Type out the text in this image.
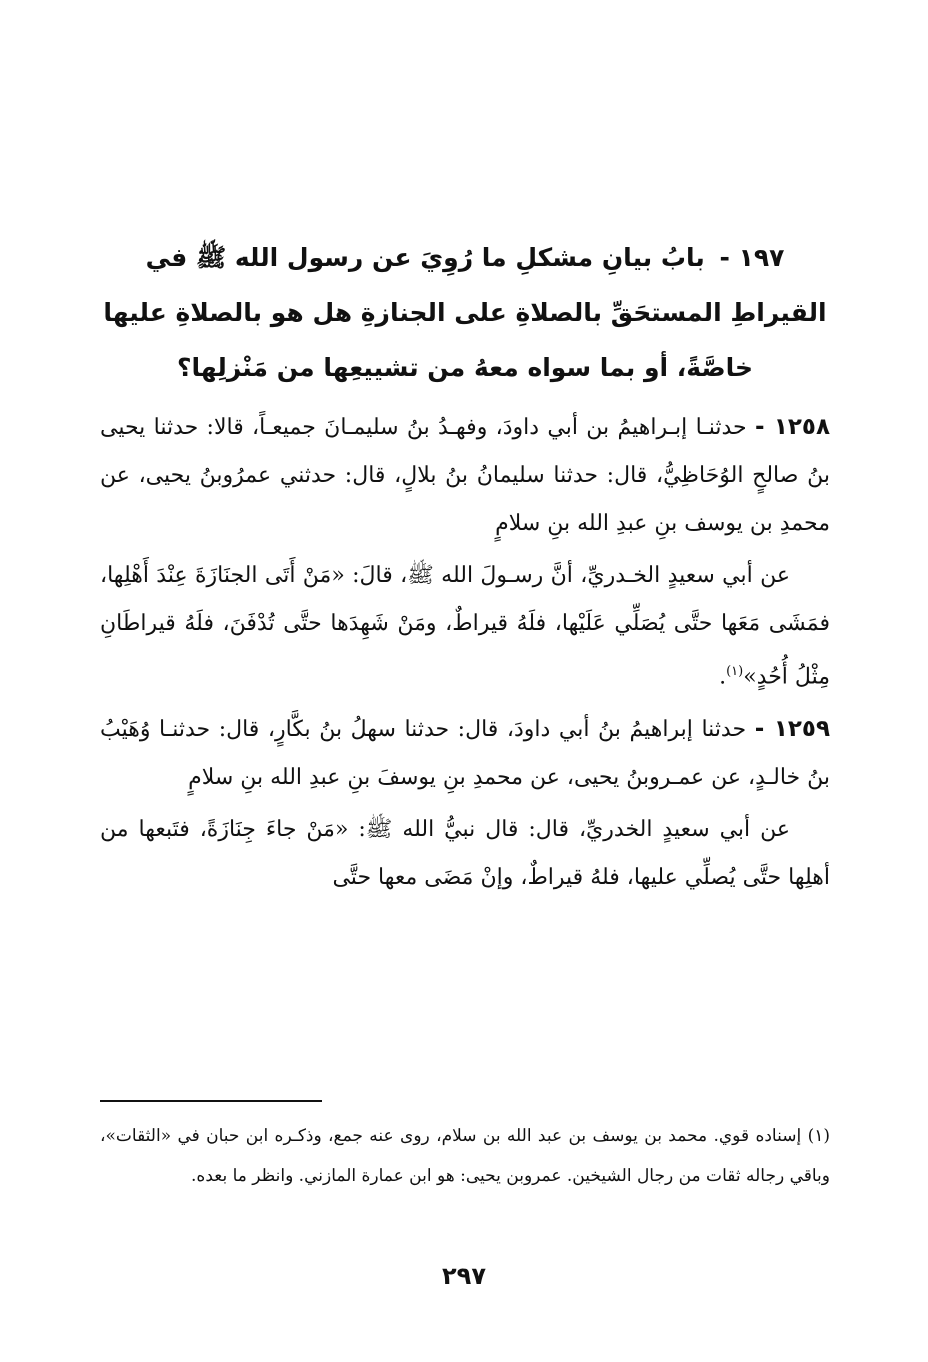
١٩٧ - بابُ بيانِ مشكلِ ما رُوِيَ عن رسول الله ﷺ في القيراطِ المستحَقِّ بالصلاةِ على الجنازةِ هل هو بالصلاةِ عليها خاصَّةً، أو بما سواه معهُ من تشييعِها من مَنْزلِها؟

١٢٥٨ - حدثنـا إبـراهيمُ بن أبي داودَ، وفهـدُ بنُ سليمـانَ جميعـاً، قالا: حدثنا يحيى بنُ صالحٍ الوُحَاظِيُّ، قال: حدثنا سليمانُ بنُ بلالٍ، قال: حدثني عمرُوبنُ يحيى، عن محمدِ بن يوسف بنِ عبدِ الله بنِ سلامٍ

عن أبي سعيدٍ الخـدريِّ، أنَّ رسـولَ الله ﷺ، قالَ: «مَنْ أَتَى الجنَازَةَ عِنْدَ أَهْلِها، فمَشَى مَعَها حتَّى يُصَلِّي عَلَيْها، فلَهُ قيراطٌ، ومَنْ شَهِدَها حتَّى تُدْفَنَ، فلَهُ قيراطَانِ مِثْلُ أُحُدٍ»$^{(١)}$.

١٢٥٩ - حدثنا إبراهيمُ بنُ أبي داودَ، قال: حدثنا سهلُ بنُ بكَّارٍ، قال: حدثنـا وُهَيْبُ بنُ خالـدٍ، عن عمـروبنُ يحيى، عن محمدِ بنِ يوسفَ بنِ عبدِ الله بنِ سلامٍ

عن أبي سعيدٍ الخدريِّ، قال: قال نبيُّ الله ﷺ: «مَنْ جاءَ جِنَازَةً، فتَبعها من أهلِها حتَّى يُصلِّي عليها، فلهُ قيراطٌ، وإنْ مَضَى معها حتَّى

(١) إسناده قوي. محمد بن يوسف بن عبد الله بن سلام، روى عنه جمع، وذكـره ابن حبان في «الثقات»، وباقي رجاله ثقات من رجال الشيخين. عمروبن يحيى: هو ابن عمارة المازني. وانظر ما بعده.
٢٩٧
